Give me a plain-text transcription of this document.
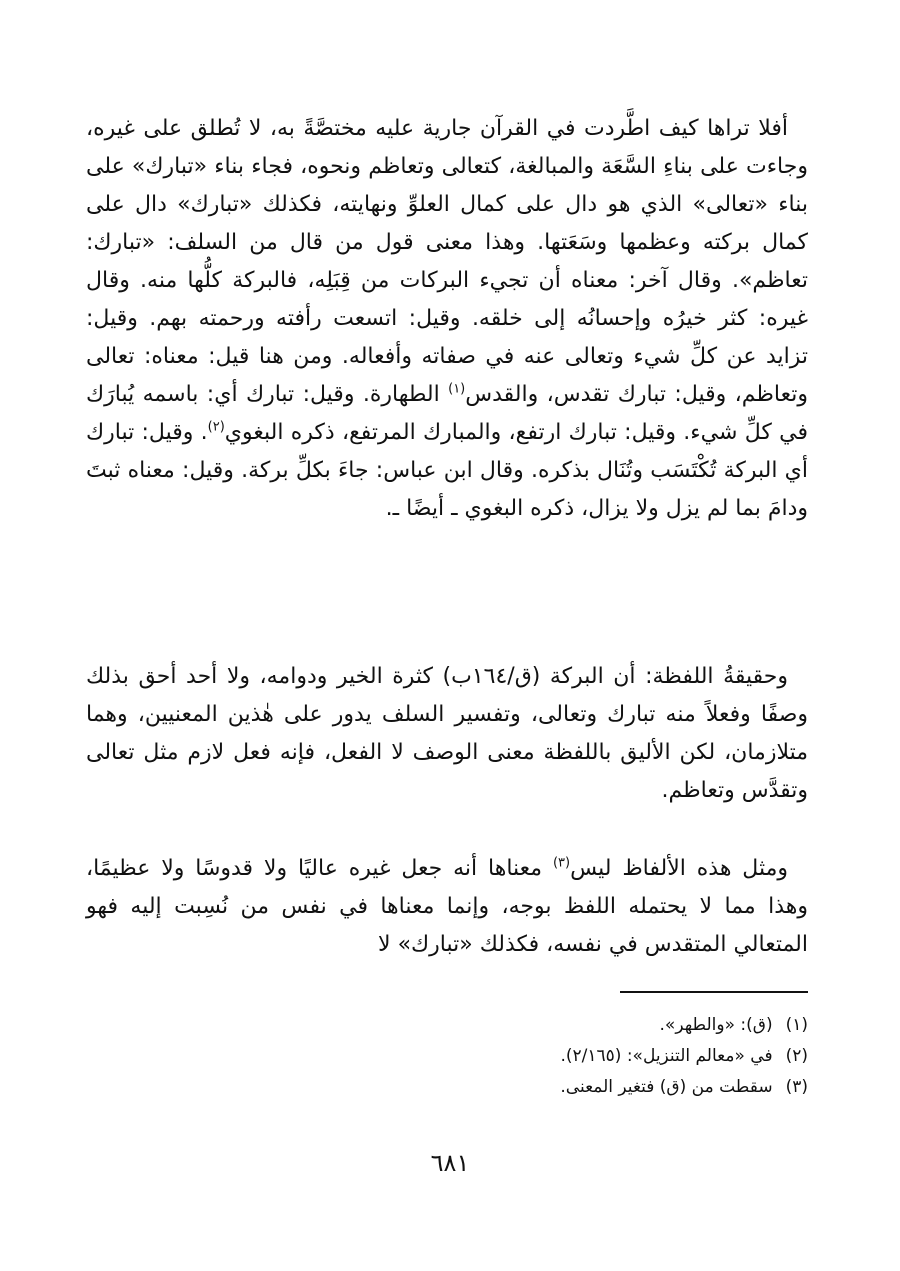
أفلا تراها كيف اطَّردت في القرآن جارية عليه مختصَّةً به، لا تُطلق على غيره، وجاءت على بناءِ السَّعَة والمبالغة، كتعالى وتعاظم ونحوه، فجاء بناء «تبارك» على بناء «تعالى» الذي هو دال على كمال العلوِّ ونهايته، فكذلك «تبارك» دال على كمال بركته وعظمها وسَعَتها. وهذا معنى قول من قال من السلف: «تبارك: تعاظم». وقال آخر: معناه أن تجيء البركات من قِبَلِه، فالبركة كلُّها منه. وقال غيره: كثر خيرُه وإحسانُه إلى خلقه. وقيل: اتسعت رأفته ورحمته بهم. وقيل: تزايد عن كلِّ شيء وتعالى عنه في صفاته وأفعاله. ومن هنا قيل: معناه: تعالى وتعاظم، وقيل: تبارك تقدس، والقدس$^{(١)}$ الطهارة. وقيل: تبارك أي: باسمه يُبارَك في كلِّ شيء. وقيل: تبارك ارتفع، والمبارك المرتفع، ذكره البغوي$^{(٢)}$. وقيل: تبارك أي البركة تُكْتَسَب وتُنَال بذكره. وقال ابن عباس: جاءَ بكلِّ بركة. وقيل: معناه ثبتَ ودامَ بما لم يزل ولا يزال، ذكره البغوي ـ أيضًا ـ.

وحقيقةُ اللفظة: أن البركة (ق/١٦٤ب) كثرة الخير ودوامه، ولا أحد أحق بذلك وصفًا وفعلاً منه تبارك وتعالى، وتفسير السلف يدور على هٰذين المعنيين، وهما متلازمان، لكن الأليق باللفظة معنى الوصف لا الفعل، فإنه فعل لازم مثل تعالى وتقدَّس وتعاظم.

ومثل هذه الألفاظ ليس$^{(٣)}$ معناها أنه جعل غيره عاليًا ولا قدوسًا ولا عظيمًا، وهذا مما لا يحتمله اللفظ بوجه، وإنما معناها في نفس من نُسِبت إليه فهو المتعالي المتقدس في نفسه، فكذلك «تبارك» لا

(١) (ق): «والطهر».

(٢) في «معالم التنزيل»: (٢/١٦٥).

(٣) سقطت من (ق) فتغير المعنى.

٦٨١
